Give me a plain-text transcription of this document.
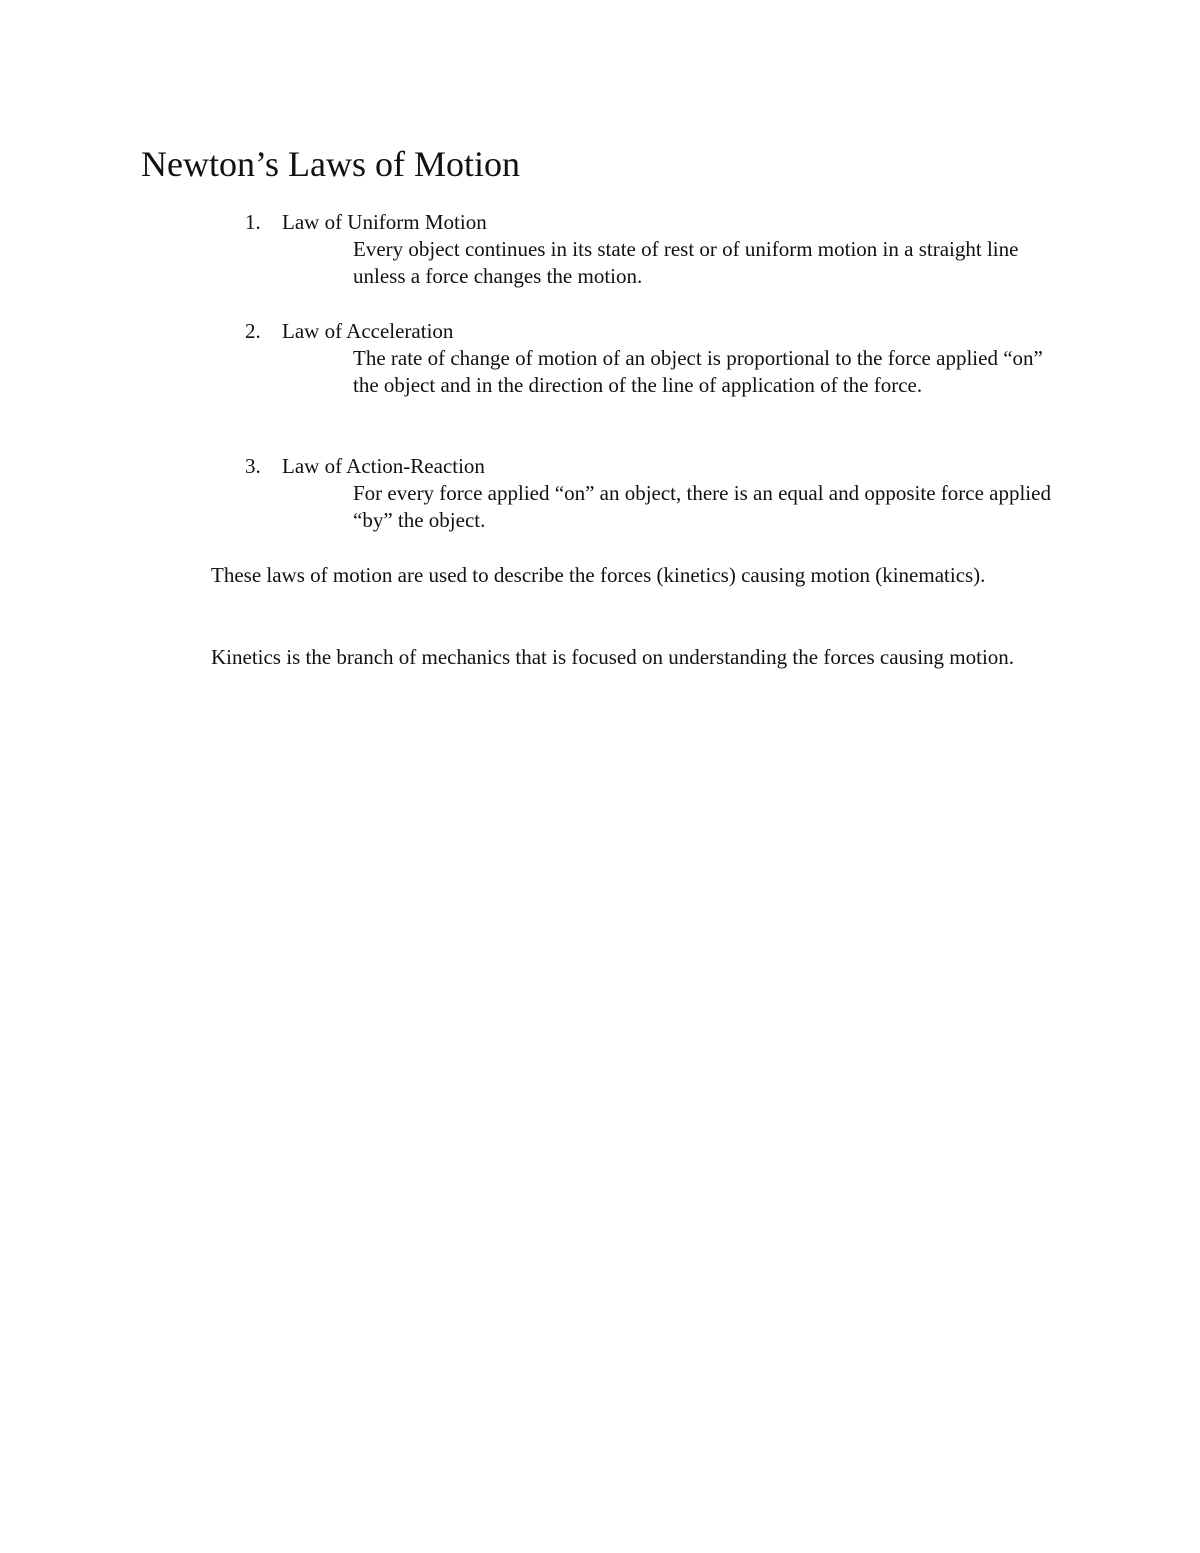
Newton’s Laws of Motion
1. Law of Uniform Motion
Every object continues in its state of rest or of uniform motion in a straight line unless a force changes the motion.
2. Law of Acceleration
The rate of change of motion of an object is proportional to the force applied “on” the object and in the direction of the line of application of the force.
3. Law of Action-Reaction
For every force applied “on” an object, there is an equal and opposite force applied “by” the object.

These laws of motion are used to describe the forces (kinetics) causing motion (kinematics).

Kinetics is the branch of mechanics that is focused on understanding the forces causing motion.
